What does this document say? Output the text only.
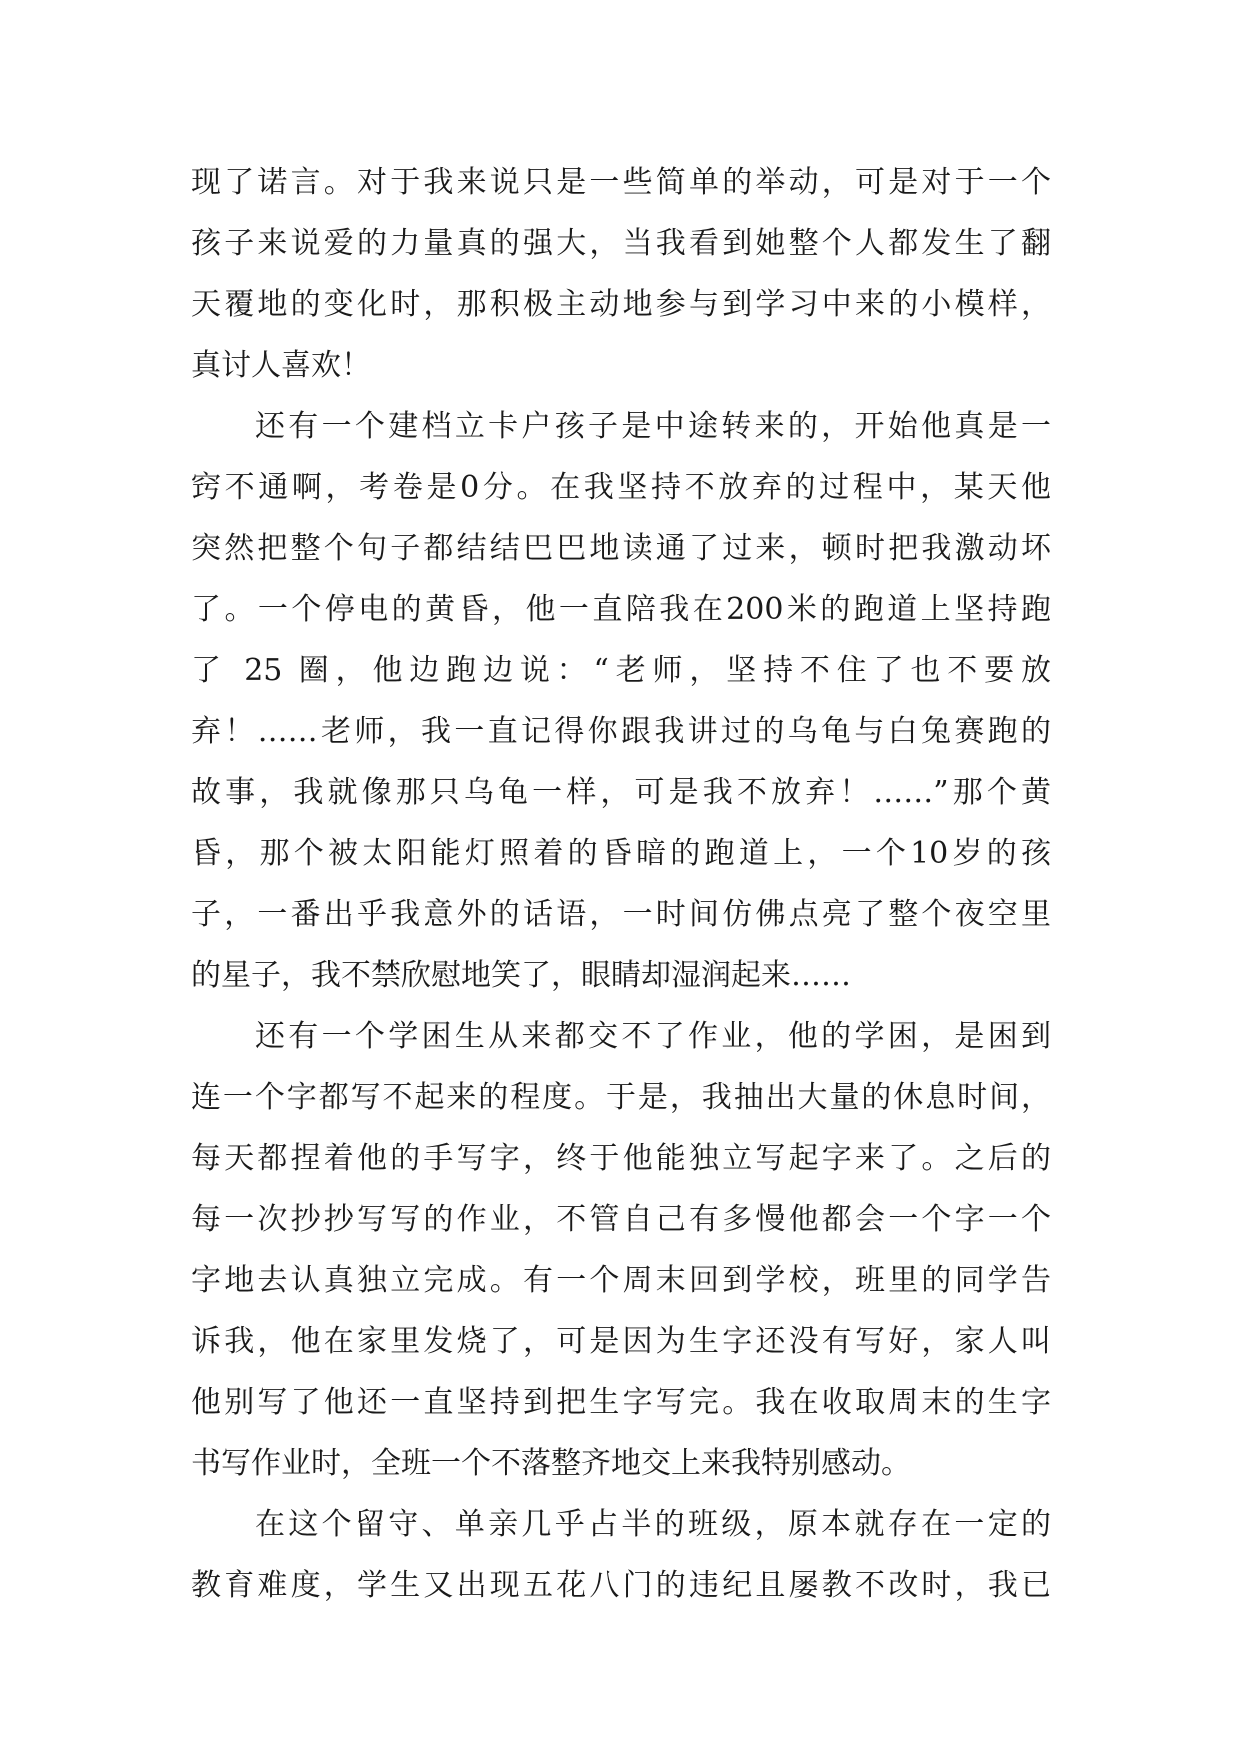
现了诺言。对于我来说只是一些简单的举动，可是对于一个
孩子来说爱的力量真的强大，当我看到她整个人都发生了翻
天覆地的变化时，那积极主动地参与到学习中来的小模样，
真讨人喜欢！
还有一个建档立卡户孩子是中途转来的，开始他真是一
窍不通啊，考卷是0分。在我坚持不放弃的过程中，某天他
突然把整个句子都结结巴巴地读通了过来，顿时把我激动坏
了。一个停电的黄昏，他一直陪我在200米的跑道上坚持跑
了 25 圈，他边跑边说：“老师，坚持不住了也不要放
弃！……老师，我一直记得你跟我讲过的乌龟与白兔赛跑的
故事，我就像那只乌龟一样，可是我不放弃！……”那个黄
昏，那个被太阳能灯照着的昏暗的跑道上，一个10岁的孩
子，一番出乎我意外的话语，一时间仿佛点亮了整个夜空里
的星子，我不禁欣慰地笑了，眼睛却湿润起来……
还有一个学困生从来都交不了作业，他的学困，是困到
连一个字都写不起来的程度。于是，我抽出大量的休息时间，
每天都捏着他的手写字，终于他能独立写起字来了。之后的
每一次抄抄写写的作业，不管自己有多慢他都会一个字一个
字地去认真独立完成。有一个周末回到学校，班里的同学告
诉我，他在家里发烧了，可是因为生字还没有写好，家人叫
他别写了他还一直坚持到把生字写完。我在收取周末的生字
书写作业时，全班一个不落整齐地交上来我特别感动。
在这个留守、单亲几乎占半的班级，原本就存在一定的
教育难度，学生又出现五花八门的违纪且屡教不改时，我已
